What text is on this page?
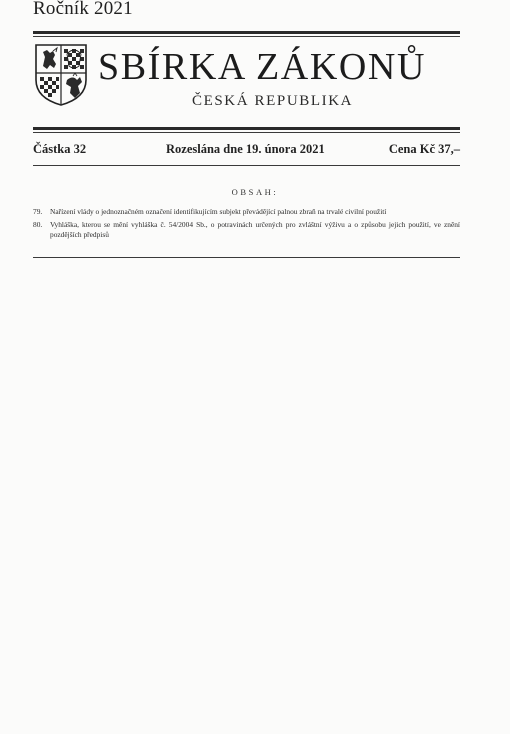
Ročník 2021
SBÍRKA ZÁKONŮ
ČESKÁ REPUBLIKA
Částka 32	Rozeslána dne 19. února 2021	Cena Kč 37,–
OBSAH:
79.	Nařízení vlády o jednoznačném označení identifikujícím subjekt převádějící palnou zbraň na trvalé civilní použití
80.	Vyhláška, kterou se mění vyhláška č. 54/2004 Sb., o potravinách určených pro zvláštní výživu a o způsobu jejich použití, ve znění pozdějších předpisů
